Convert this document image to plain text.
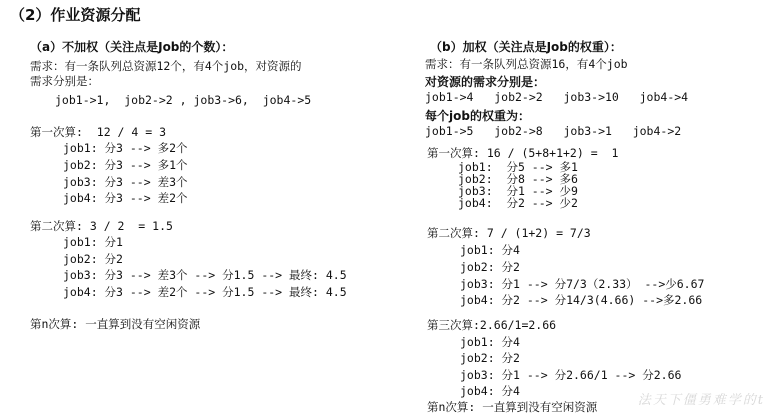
（2）作业资源分配
（a）不加权（关注点是Job的个数）：
需求：有一条队列总资源12个，有4个job，对资源的
需求分别是：
job1->1,  job2->2 , job3->6,  job4->5
第一次算:  12 / 4 = 3
job1: 分3 --> 多2个
job2: 分3 --> 多1个
job3: 分3 --> 差3个
job4: 分3 --> 差2个
第二次算: 3 / 2  = 1.5
job1: 分1
job2: 分2
job3: 分3 --> 差3个 --> 分1.5 --> 最终: 4.5
job4: 分3 --> 差2个 --> 分1.5 --> 最终: 4.5
第n次算: 一直算到没有空闲资源
（b）加权（关注点是Job的权重）：
需求：有一条队列总资源16，有4个job
对资源的需求分别是：
job1->4   job2->2   job3->10   job4->4
每个job的权重为：
job1->5   job2->8   job3->1   job4->2
第一次算: 16 / (5+8+1+2) =  1
job1:  分5 --> 多1
job2:  分8 --> 多6
job3:  分1 --> 少9
job4:  分2 --> 少2
第二次算: 7 / (1+2) = 7/3
job1: 分4
job2: 分2
job3: 分1 --> 分7/3（2.33） -->少6.67
job4: 分2 --> 分14/3(4.66) -->多2.66
第三次算:2.66/1=2.66
job1: 分4
job2: 分2
job3: 分1 --> 分2.66/1 --> 分2.66
job4: 分4
第n次算: 一直算到没有空闲资源	法天下僵勇难学的t
